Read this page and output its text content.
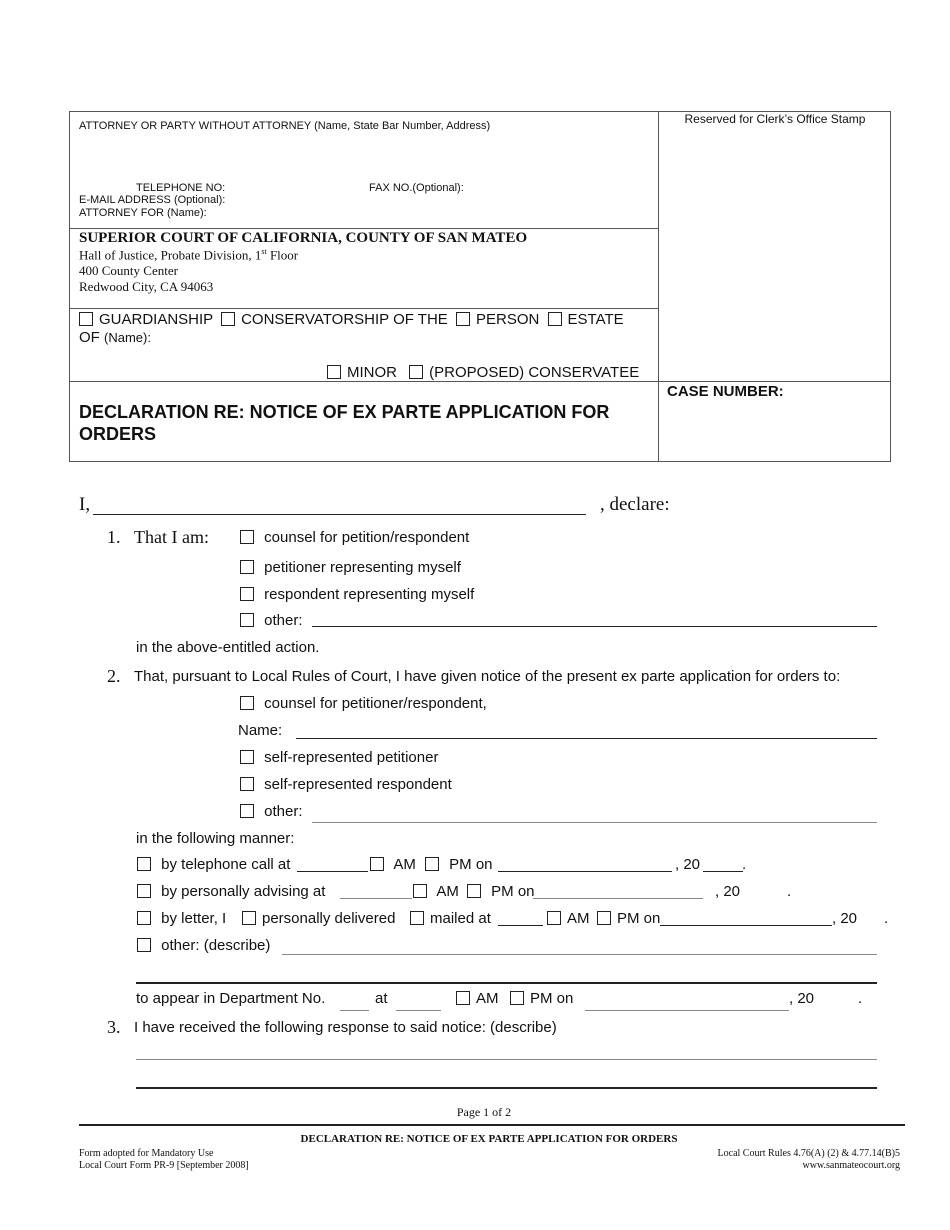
ATTORNEY OR PARTY WITHOUT ATTORNEY (Name, State Bar Number, Address)
TELEPHONE NO:	FAX NO.(Optional):
E-MAIL ADDRESS (Optional):
ATTORNEY FOR (Name):
Reserved for Clerk’s Office Stamp
SUPERIOR COURT OF CALIFORNIA, COUNTY OF SAN MATEO
Hall of Justice, Probate Division, 1st Floor
400 County Center
Redwood City, CA 94063
GUARDIANSHIP CONSERVATORSHIP OF THE PERSON ESTATE
OF (Name):
MINOR (PROPOSED) CONSERVATEE
CASE NUMBER:
DECLARATION RE: NOTICE OF EX PARTE APPLICATION FOR
ORDERS
I,	, declare:
1. That I am:	counsel for petition/respondent
petitioner representing myself
respondent representing myself
other:
in the above-entitled action.
2. That, pursuant to Local Rules of Court, I have given notice of the present ex parte application for orders to:
counsel for petitioner/respondent,
Name:
self-represented petitioner
self-represented respondent
other:
in the following manner:
by telephone call at	AM	PM on	, 20	.
by personally advising at	AM	PM on	, 20	.
by letter, I	personally delivered	mailed at	AM	PM on	, 20 .
other: (describe)
to appear in Department No.	at	AM	PM on	, 20	.
3. I have received the following response to said notice: (describe)
Page 1 of 2
DECLARATION RE: NOTICE OF EX PARTE APPLICATION FOR ORDERS
Form adopted for Mandatory Use
Local Court Form PR-9 [September 2008]
Local Court Rules 4.76(A) (2) & 4.77.14(B)5
www.sanmateocourt.org
